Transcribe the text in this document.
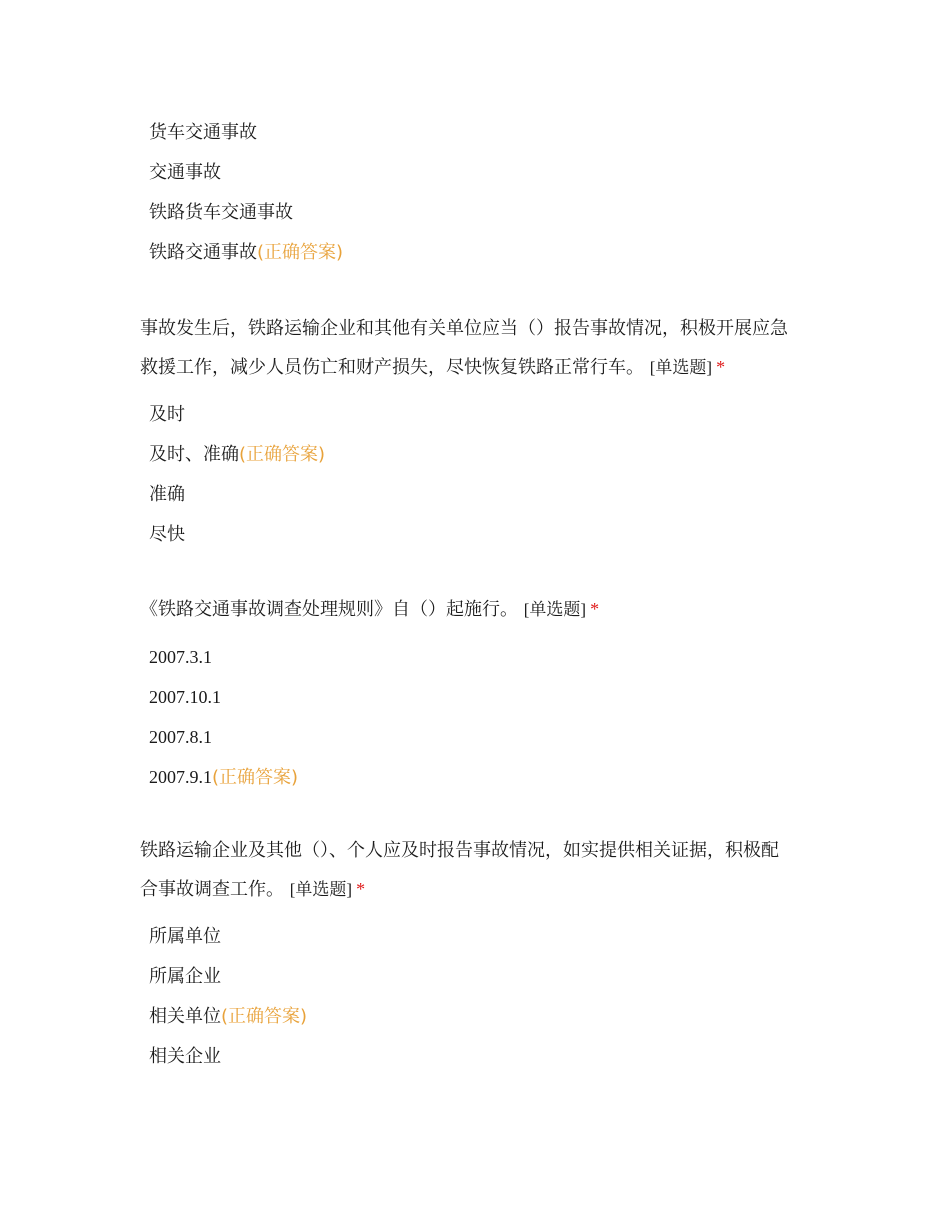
货车交通事故
交通事故
铁路货车交通事故
铁路交通事故(正确答案)

事故发生后，铁路运输企业和其他有关单位应当（）报告事故情况，积极开展应急
救援工作，减少人员伤亡和财产损失，尽快恢复铁路正常行车。 [单选题] *

及时
及时、准确(正确答案)
准确
尽快

《铁路交通事故调查处理规则》自（）起施行。 [单选题] *

2007.3.1
2007.10.1
2007.8.1
2007.9.1(正确答案)

铁路运输企业及其他（）、个人应及时报告事故情况，如实提供相关证据，积极配
合事故调查工作。 [单选题] *

所属单位
所属企业
相关单位(正确答案)
相关企业
